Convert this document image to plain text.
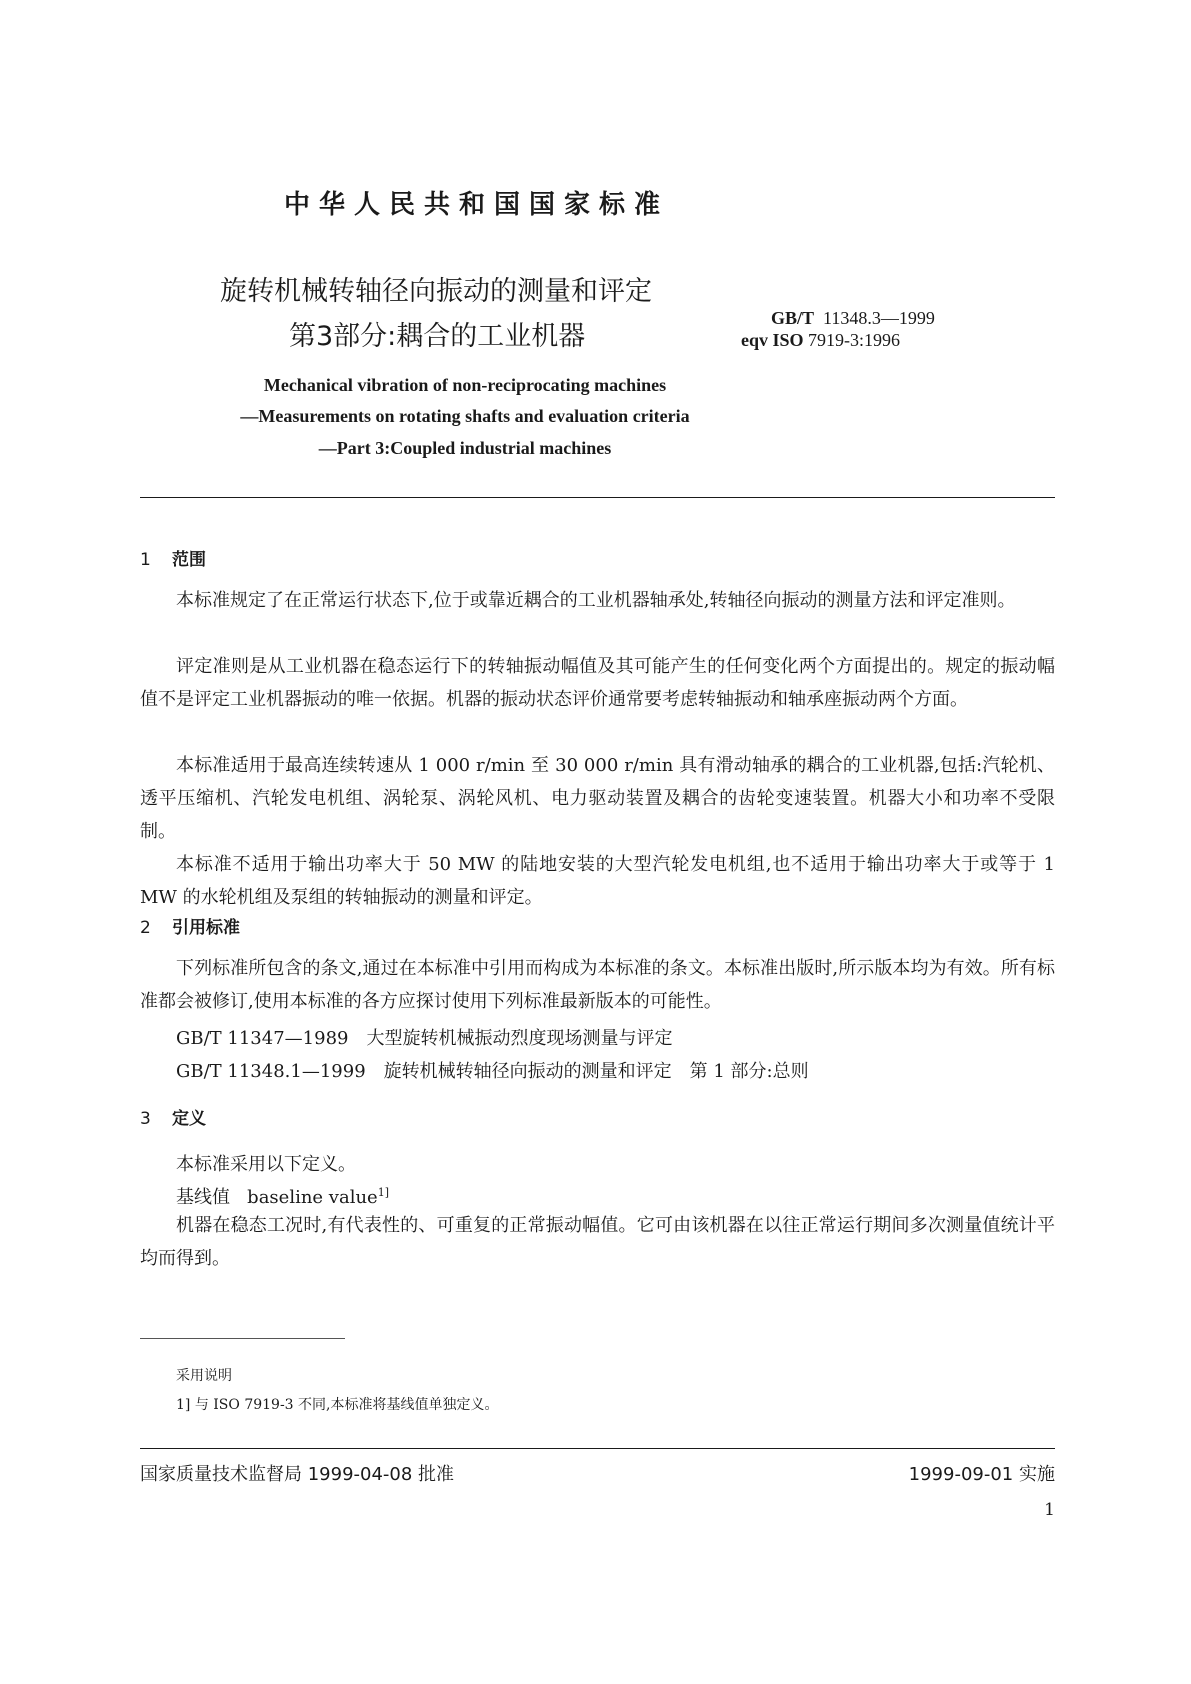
中华人民共和国国家标准
旋转机械转轴径向振动的测量和评定
第3部分:耦合的工业机器
GB/T 11348.3—1999
eqv ISO 7919-3:1996
Mechanical vibration of non-reciprocating machines
—Measurements on rotating shafts and evaluation criteria
—Part 3:Coupled industrial machines
1 范围

本标准规定了在正常运行状态下,位于或靠近耦合的工业机器轴承处,转轴径向振动的测量方法和评定准则。

评定准则是从工业机器在稳态运行下的转轴振动幅值及其可能产生的任何变化两个方面提出的。规定的振动幅值不是评定工业机器振动的唯一依据。机器的振动状态评价通常要考虑转轴振动和轴承座振动两个方面。

本标准适用于最高连续转速从 1 000 r/min 至 30 000 r/min 具有滑动轴承的耦合的工业机器,包括:汽轮机、透平压缩机、汽轮发电机组、涡轮泵、涡轮风机、电力驱动装置及耦合的齿轮变速装置。机器大小和功率不受限制。

本标准不适用于输出功率大于 50 MW 的陆地安装的大型汽轮发电机组,也不适用于输出功率大于或等于 1 MW 的水轮机组及泵组的转轴振动的测量和评定。

2 引用标准

下列标准所包含的条文,通过在本标准中引用而构成为本标准的条文。本标准出版时,所示版本均为有效。所有标准都会被修订,使用本标准的各方应探讨使用下列标准最新版本的可能性。

GB/T 11347—1989　大型旋转机械振动烈度现场测量与评定
GB/T 11348.1—1999　旋转机械转轴径向振动的测量和评定　第 1 部分:总则
3 定义
本标准采用以下定义。
基线值 baseline value$^{1]}$

机器在稳态工况时,有代表性的、可重复的正常振动幅值。它可由该机器在以往正常运行期间多次测量值统计平均而得到。

采用说明
1] 与 ISO 7919-3 不同,本标准将基线值单独定义。
国家质量技术监督局 1999-04-08 批准	1999-09-01 实施
1
